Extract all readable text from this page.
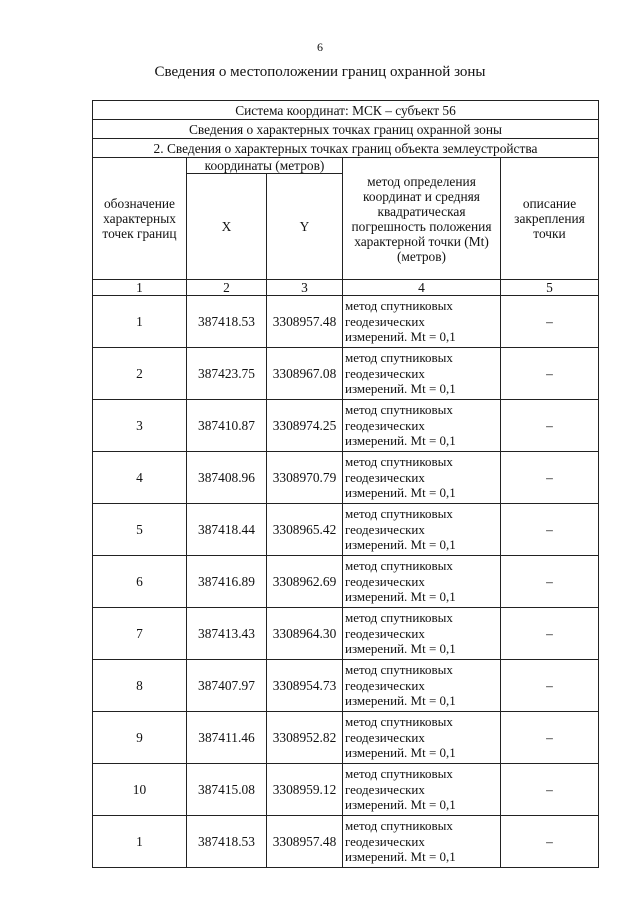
6
Сведения о местоположении границ охранной зоны
Система координат: МСК – субъект 56				
Сведения о характерных точках границ охранной зоны				
2. Сведения о характерных точках границ объекта землеустройства				
обозначение характерных точек границ	координаты (метров)		метод определения координат и средняя квадратическая погрешность положения характерной точки (Mt) (метров)	описание закрепления точки
	X	Y		
1	2	3	4	5
1	387418.53	3308957.48	метод спутниковых
геодезических
измерений. Mt = 0,1	–
2	387423.75	3308967.08	метод спутниковых
геодезических
измерений. Mt = 0,1	–
3	387410.87	3308974.25	метод спутниковых
геодезических
измерений. Mt = 0,1	–
4	387408.96	3308970.79	метод спутниковых
геодезических
измерений. Mt = 0,1	–
5	387418.44	3308965.42	метод спутниковых
геодезических
измерений. Mt = 0,1	–
6	387416.89	3308962.69	метод спутниковых
геодезических
измерений. Mt = 0,1	–
7	387413.43	3308964.30	метод спутниковых
геодезических
измерений. Mt = 0,1	–
8	387407.97	3308954.73	метод спутниковых
геодезических
измерений. Mt = 0,1	–
9	387411.46	3308952.82	метод спутниковых
геодезических
измерений. Mt = 0,1	–
10	387415.08	3308959.12	метод спутниковых
геодезических
измерений. Mt = 0,1	–
1	387418.53	3308957.48	метод спутниковых
геодезических
измерений. Mt = 0,1	–
